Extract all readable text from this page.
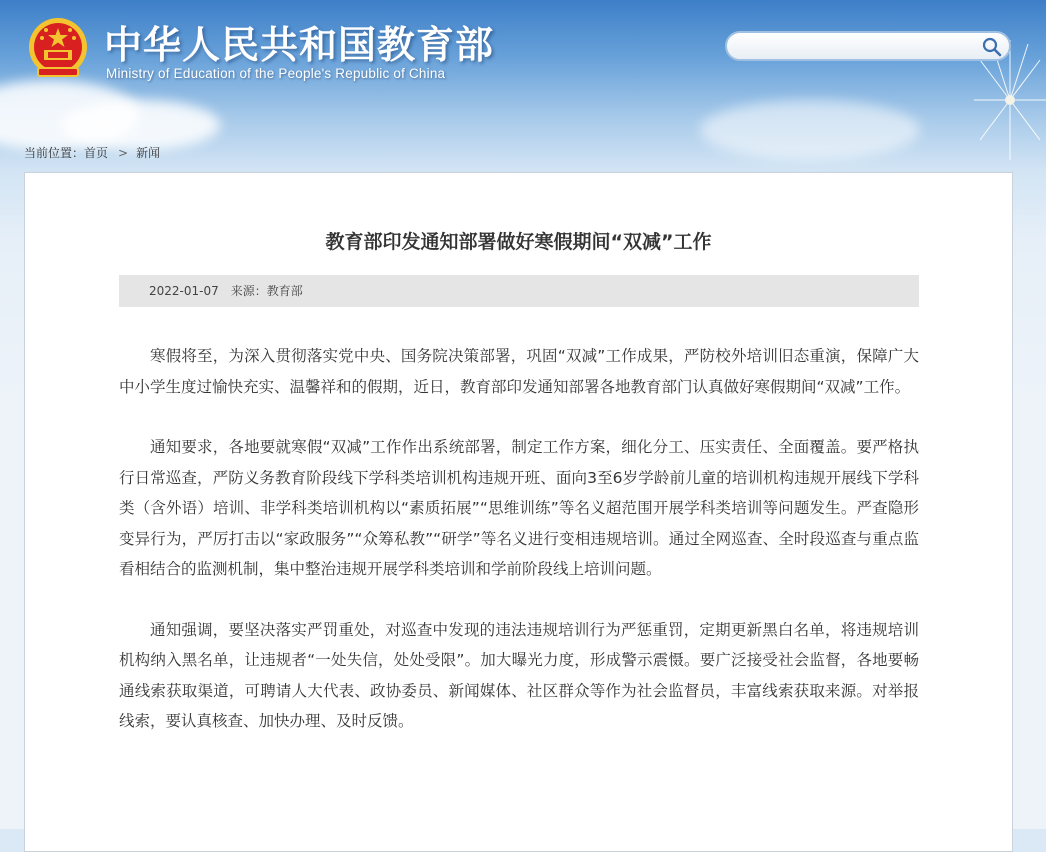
中华人民共和国教育部
Ministry of Education of the People's Republic of China
当前位置：首页 > 新闻
教育部印发通知部署做好寒假期间“双减”工作
2022-01-07 来源：教育部

寒假将至，为深入贯彻落实党中央、国务院决策部署，巩固“双减”工作成果，严防校外培训旧态重演，保障广大中小学生度过愉快充实、温馨祥和的假期，近日，教育部印发通知部署各地教育部门认真做好寒假期间“双减”工作。

通知要求，各地要就寒假“双减”工作作出系统部署，制定工作方案，细化分工、压实责任、全面覆盖。要严格执行日常巡查，严防义务教育阶段线下学科类培训机构违规开班、面向3至6岁学龄前儿童的培训机构违规开展线下学科类（含外语）培训、非学科类培训机构以“素质拓展”“思维训练”等名义超范围开展学科类培训等问题发生。严查隐形变异行为，严厉打击以“家政服务”“众筹私教”“研学”等名义进行变相违规培训。通过全网巡查、全时段巡查与重点监看相结合的监测机制，集中整治违规开展学科类培训和学前阶段线上培训问题。

通知强调，要坚决落实严罚重处，对巡查中发现的违法违规培训行为严惩重罚，定期更新黑白名单，将违规培训机构纳入黑名单，让违规者“一处失信，处处受限”。加大曝光力度，形成警示震慑。要广泛接受社会监督，各地要畅通线索获取渠道，可聘请人大代表、政协委员、新闻媒体、社区群众等作为社会监督员，丰富线索获取来源。对举报线索，要认真核查、加快办理、及时反馈。
